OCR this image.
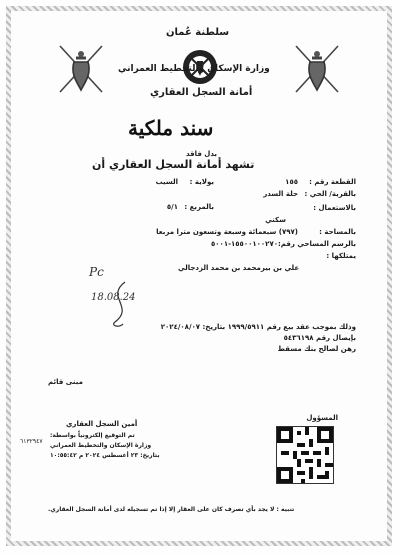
سلطنة عُمان
وزارة الإسكان والتخطيط العمراني
أمانة السجل العقاري
سند ملكية
بدل فاقد
تشهد أمانة السجل العقاري أن
القطعة رقم :
١٥٥
بولاية :
السيب
بالقرية/ الحي :
حلة السدر
بالمربع :
٥/١	بالاستعمال :
سكني
بالمساحة :
(٧٩٧) سبعمائة وسبعة وتسعون مترا مربعا
بالرسم المساحي رقم:
١٥٥٠٠١٠٠٢٧٠-٥٠٠١
يمتلكها :
علي بن بيرمحمد بن محمد الزدجالي
Pc
18.08.24
وذلك بموجب عقد بيع رقم ١٩٩٩/٥٩١١ بتاريخ: ٢٠٢٤/٠٨/٠٧
بإيصال رقم ٥٤٣٦١٩٨
رهن لصالح بنك مسقط
مبنى قائم
المسؤول
أمين السجل العقاري
تم التوقيع إلكترونياً بواسطة:
وزارة الإسكان والتخطيط العمراني
بتاريخ: ٢٣ أغسطس ٢٠٢٤ م ١٠:٥٥:٤٢
٦١٣٢٩٤٧
تنبيه : لا يجد بأي تصرف كان على العقار إلا إذا تم تسجيله لدى أمانة السجل العقاري.
